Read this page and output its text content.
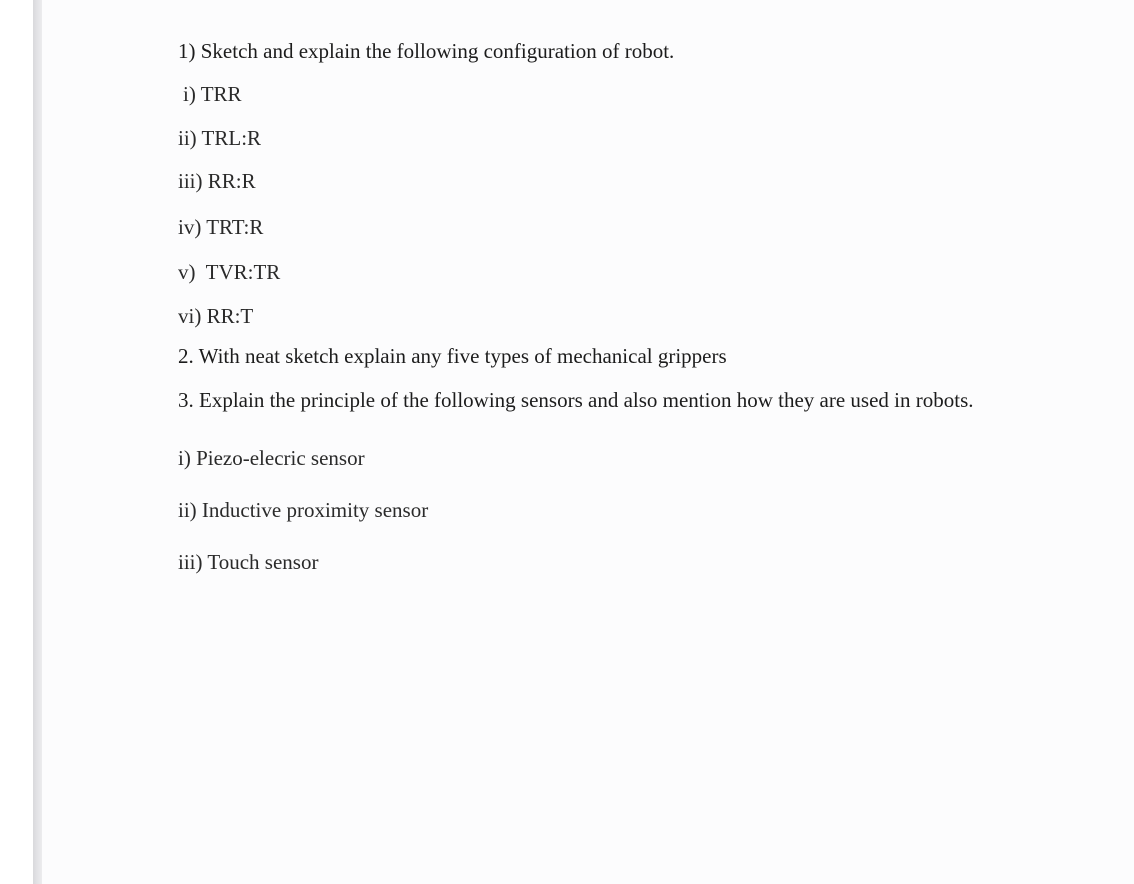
1) Sketch and explain the following configuration of robot.
i) TRR
ii) TRL:R
iii) RR:R
iv) TRT:R
v)  TVR:TR
vi) RR:T
2. With neat sketch explain any five types of mechanical grippers
3. Explain the principle of the following sensors and also mention how they are used in robots.
i) Piezo-elecric sensor
ii) Inductive proximity sensor
iii) Touch sensor
